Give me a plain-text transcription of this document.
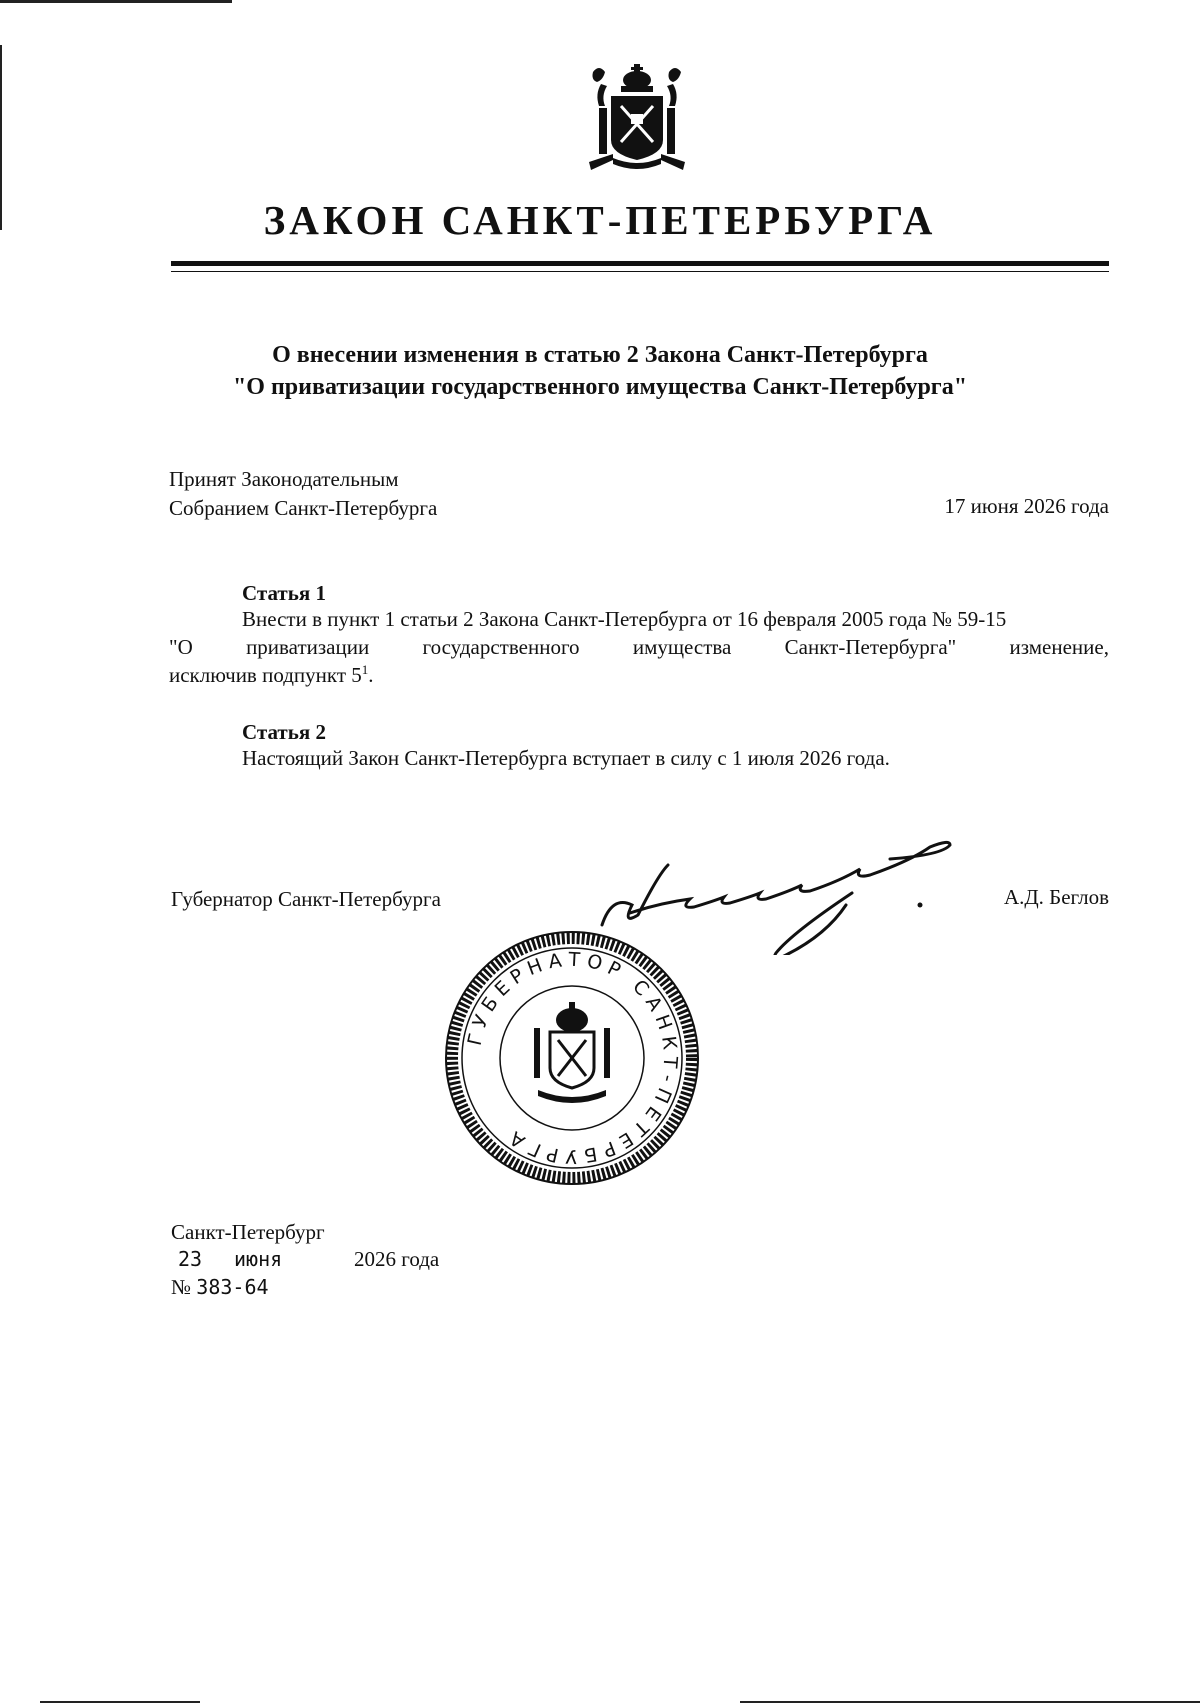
ЗАКОН САНКТ-ПЕТЕРБУРГА
О внесении изменения в статью 2 Закона Санкт-Петербурга
"О приватизации государственного имущества Санкт-Петербурга"
Принят Законодательным
Собранием Санкт-Петербурга	17 июня 2026 года
Статья 1
Внести в пункт 1 статьи 2 Закона Санкт-Петербурга от 16 февраля 2005 года № 59-15
"О	приватизации	государственного	имущества	Санкт-Петербурга"	изменение,
исключив подпункт $5^1$.
Статья 2
Настоящий Закон Санкт-Петербурга вступает в силу с 1 июля 2026 года.
Губернатор Санкт-Петербурга	А.Д. Беглов
ГУБЕРНАТОР САНКТ-ПЕТЕРБУРГА
Санкт-Петербург
23 июня	2026 года
№ 383-64
